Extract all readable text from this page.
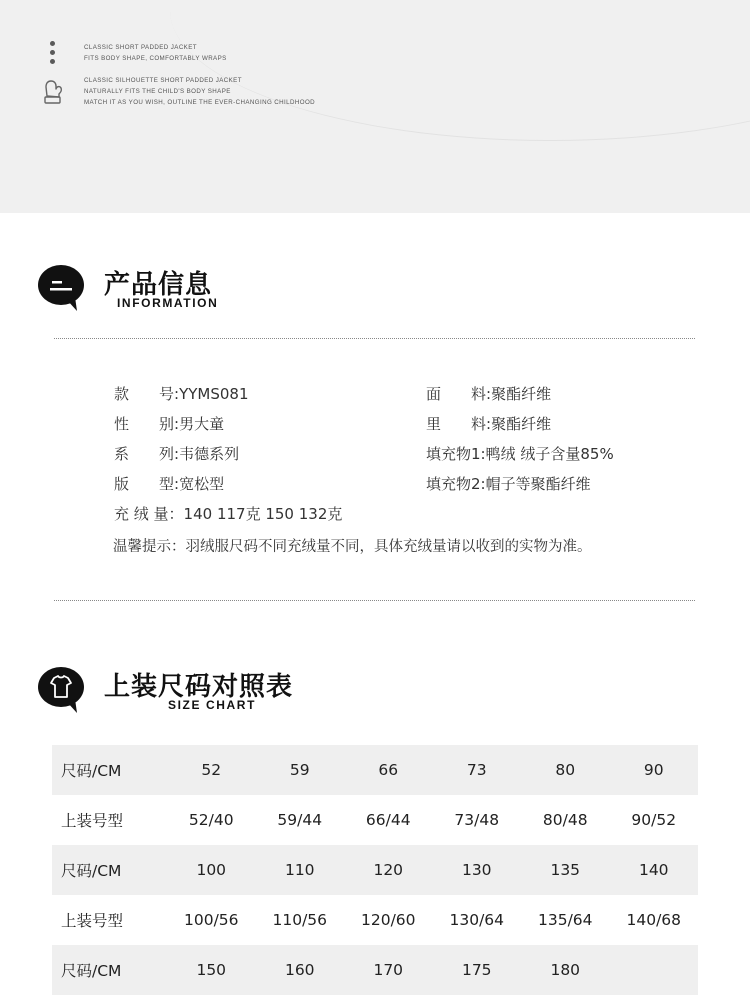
CLASSIC SHORT PADDED JACKET
FITS BODY SHAPE, COMFORTABLY WRAPS
CLASSIC SILHOUETTE SHORT PADDED JACKET
NATURALLY FITS THE CHILD'S BODY SHAPE
MATCH IT AS YOU WISH, OUTLINE THE EVER-CHANGING CHILDHOOD
产品信息
INFORMATION
款　　号:YYMS081
性　　别:男大童
系　　列:韦德系列
版　　型:宽松型
充 绒 量：140 117克 150 132克
面　　料:聚酯纤维
里　　料:聚酯纤维
填充物1:鸭绒 绒子含量85%
填充物2:帽子等聚酯纤维
温馨提示：羽绒服尺码不同充绒量不同，具体充绒量请以收到的实物为准。
上装尺码对照表
SIZE CHART
尺码/CM	52	59	66	73	80	90
上装号型	52/40	59/44	66/44	73/48	80/48	90/52
尺码/CM	100	110	120	130	135	140
上装号型	100/56	110/56	120/60	130/64	135/64	140/68
尺码/CM	150	160	170	175	180	
